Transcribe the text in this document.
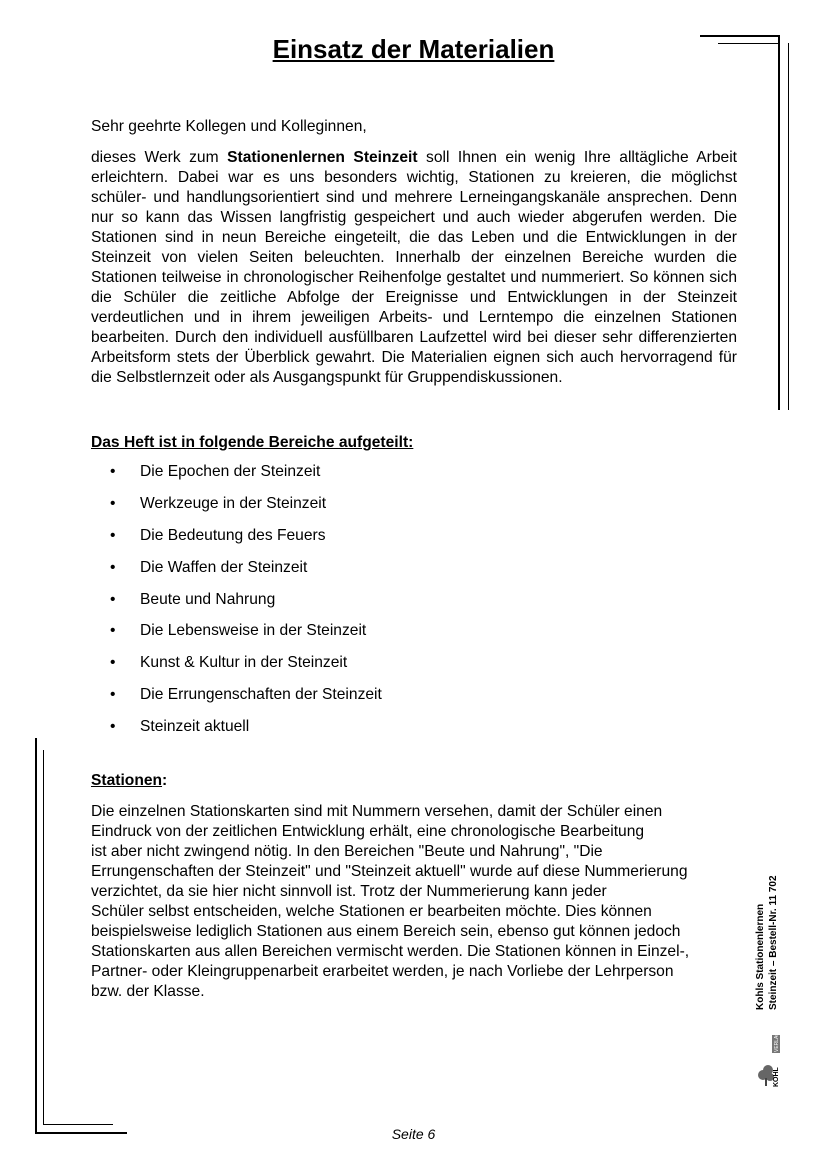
Einsatz der Materialien
Sehr geehrte Kollegen und Kolleginnen,
dieses Werk zum Stationenlernen Steinzeit soll Ihnen ein wenig Ihre alltägliche Arbeit erleichtern. Dabei war es uns besonders wichtig, Stationen zu kreieren, die möglichst schüler- und handlungsorientiert sind und mehrere Lerneingangskanäle ansprechen. Denn nur so kann das Wissen langfristig gespeichert und auch wieder abgerufen werden. Die Stationen sind in neun Bereiche eingeteilt, die das Leben und die Entwicklungen in der Steinzeit von vielen Seiten beleuchten. Innerhalb der einzelnen Bereiche wurden die Stationen teilweise in chronologischer Reihenfolge gestaltet und nummeriert. So können sich die Schüler die zeitliche Abfolge der Ereignisse und Entwicklungen in der Steinzeit verdeutlichen und in ihrem jeweiligen Arbeits- und Lerntempo die einzelnen Stationen bearbeiten. Durch den individuell ausfüllbaren Laufzettel wird bei dieser sehr differenzierten Arbeitsform stets der Überblick gewahrt. Die Materialien eignen sich auch hervorragend für die Selbstlernzeit oder als Ausgangspunkt für Gruppendiskussionen.
Das Heft ist in folgende Bereiche aufgeteilt:
• Die Epochen der Steinzeit
• Werkzeuge in der Steinzeit
• Die Bedeutung des Feuers
• Die Waffen der Steinzeit
• Beute und Nahrung
• Die Lebensweise in der Steinzeit
• Kunst & Kultur in der Steinzeit
• Die Errungenschaften der Steinzeit
• Steinzeit aktuell
Stationen:
Die einzelnen Stationskarten sind mit Nummern versehen, damit der Schüler einen
Eindruck von der zeitlichen Entwicklung erhält, eine chronologische Bearbeitung
ist aber nicht zwingend nötig. In den Bereichen "Beute und Nahrung", "Die
Errungenschaften der Steinzeit" und "Steinzeit aktuell" wurde auf diese Nummerierung
verzichtet, da sie hier nicht sinnvoll ist. Trotz der Nummerierung kann jeder
Schüler selbst entscheiden, welche Stationen er bearbeiten möchte. Dies können
beispielsweise lediglich Stationen aus einem Bereich sein, ebenso gut können jedoch
Stationskarten aus allen Bereichen vermischt werden. Die Stationen können in Einzel-,
Partner- oder Kleingruppenarbeit erarbeitet werden, je nach Vorliebe der Lehrperson
bzw. der Klasse.	Kohls Stationenlernen Steinzeit – Bestell-Nr. 11 702
KOHL
VERLAG
Seite 6
